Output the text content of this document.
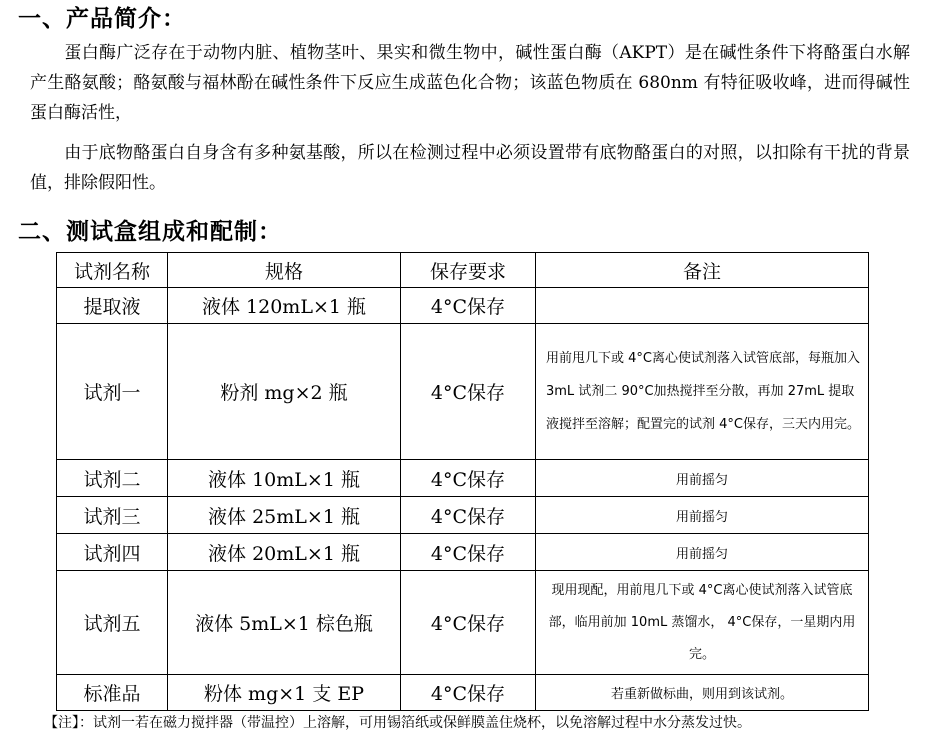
一、产品简介：
蛋白酶广泛存在于动物内脏、植物茎叶、果实和微生物中，碱性蛋白酶（AKPT）是在碱性条件下将酪蛋白水解产生酪氨酸；酪氨酸与福林酚在碱性条件下反应生成蓝色化合物；该蓝色物质在 680nm 有特征吸收峰，进而得碱性蛋白酶活性，
由于底物酪蛋白自身含有多种氨基酸，所以在检测过程中必须设置带有底物酪蛋白的对照，以扣除有干扰的背景值，排除假阳性。
二、测试盒组成和配制：
试剂名称	规格	保存要求	备注
提取液	液体 120mL×1 瓶	4°C保存	
试剂一	粉剂 mg×2 瓶	4°C保存	用前甩几下或 4°C离心使试剂落入试管底部，每瓶加入 3mL 试剂二 90°C加热搅拌至分散，再加 27mL 提取液搅拌至溶解；配置完的试剂 4°C保存，三天内用完。
试剂二	液体 10mL×1 瓶	4°C保存	用前摇匀
试剂三	液体 25mL×1 瓶	4°C保存	用前摇匀
试剂四	液体 20mL×1 瓶	4°C保存	用前摇匀
试剂五	液体 5mL×1 棕色瓶	4°C保存	现用现配，用前甩几下或 4°C离心使试剂落入试管底部，临用前加 10mL 蒸馏水， 4°C保存，一星期内用完。
标准品	粉体 mg×1 支 EP	4°C保存	若重新做标曲，则用到该试剂。
【注】：试剂一若在磁力搅拌器（带温控）上溶解，可用锡箔纸或保鲜膜盖住烧杯，以免溶解过程中水分蒸发过快。
